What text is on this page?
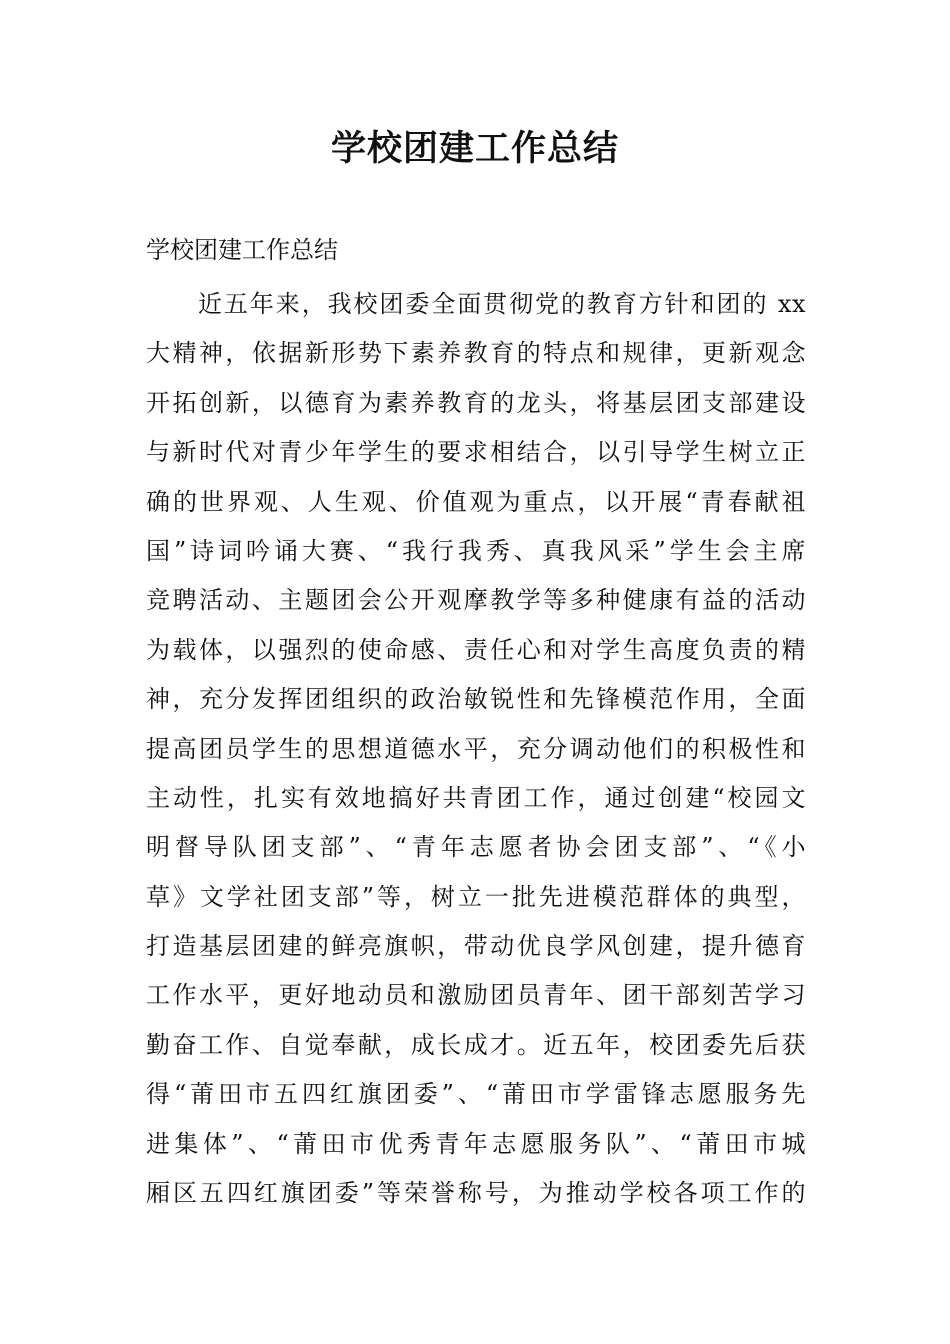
学校团建工作总结

学校团建工作总结

近五年来，我校团委全面贯彻党的教育方针和团的 xx
大精神，依据新形势下素养教育的特点和规律，更新观念
开拓创新，以德育为素养教育的龙头，将基层团支部建设
与新时代对青少年学生的要求相结合，以引导学生树立正
确的世界观、人生观、价值观为重点，以开展“青春献祖
国”诗词吟诵大赛、“我行我秀、真我风采”学生会主席
竞聘活动、主题团会公开观摩教学等多种健康有益的活动
为载体，以强烈的使命感、责任心和对学生高度负责的精
神，充分发挥团组织的政治敏锐性和先锋模范作用，全面
提高团员学生的思想道德水平，充分调动他们的积极性和
主动性，扎实有效地搞好共青团工作，通过创建“校园文
明督导队团支部”、“青年志愿者协会团支部”、“《小
草》文学社团支部”等，树立一批先进模范群体的典型，
打造基层团建的鲜亮旗帜，带动优良学风创建，提升德育
工作水平，更好地动员和激励团员青年、团干部刻苦学习
勤奋工作、自觉奉献，成长成才。近五年，校团委先后获
得“莆田市五四红旗团委”、“莆田市学雷锋志愿服务先
进集体”、“莆田市优秀青年志愿服务队”、“莆田市城
厢区五四红旗团委”等荣誉称号，为推动学校各项工作的
